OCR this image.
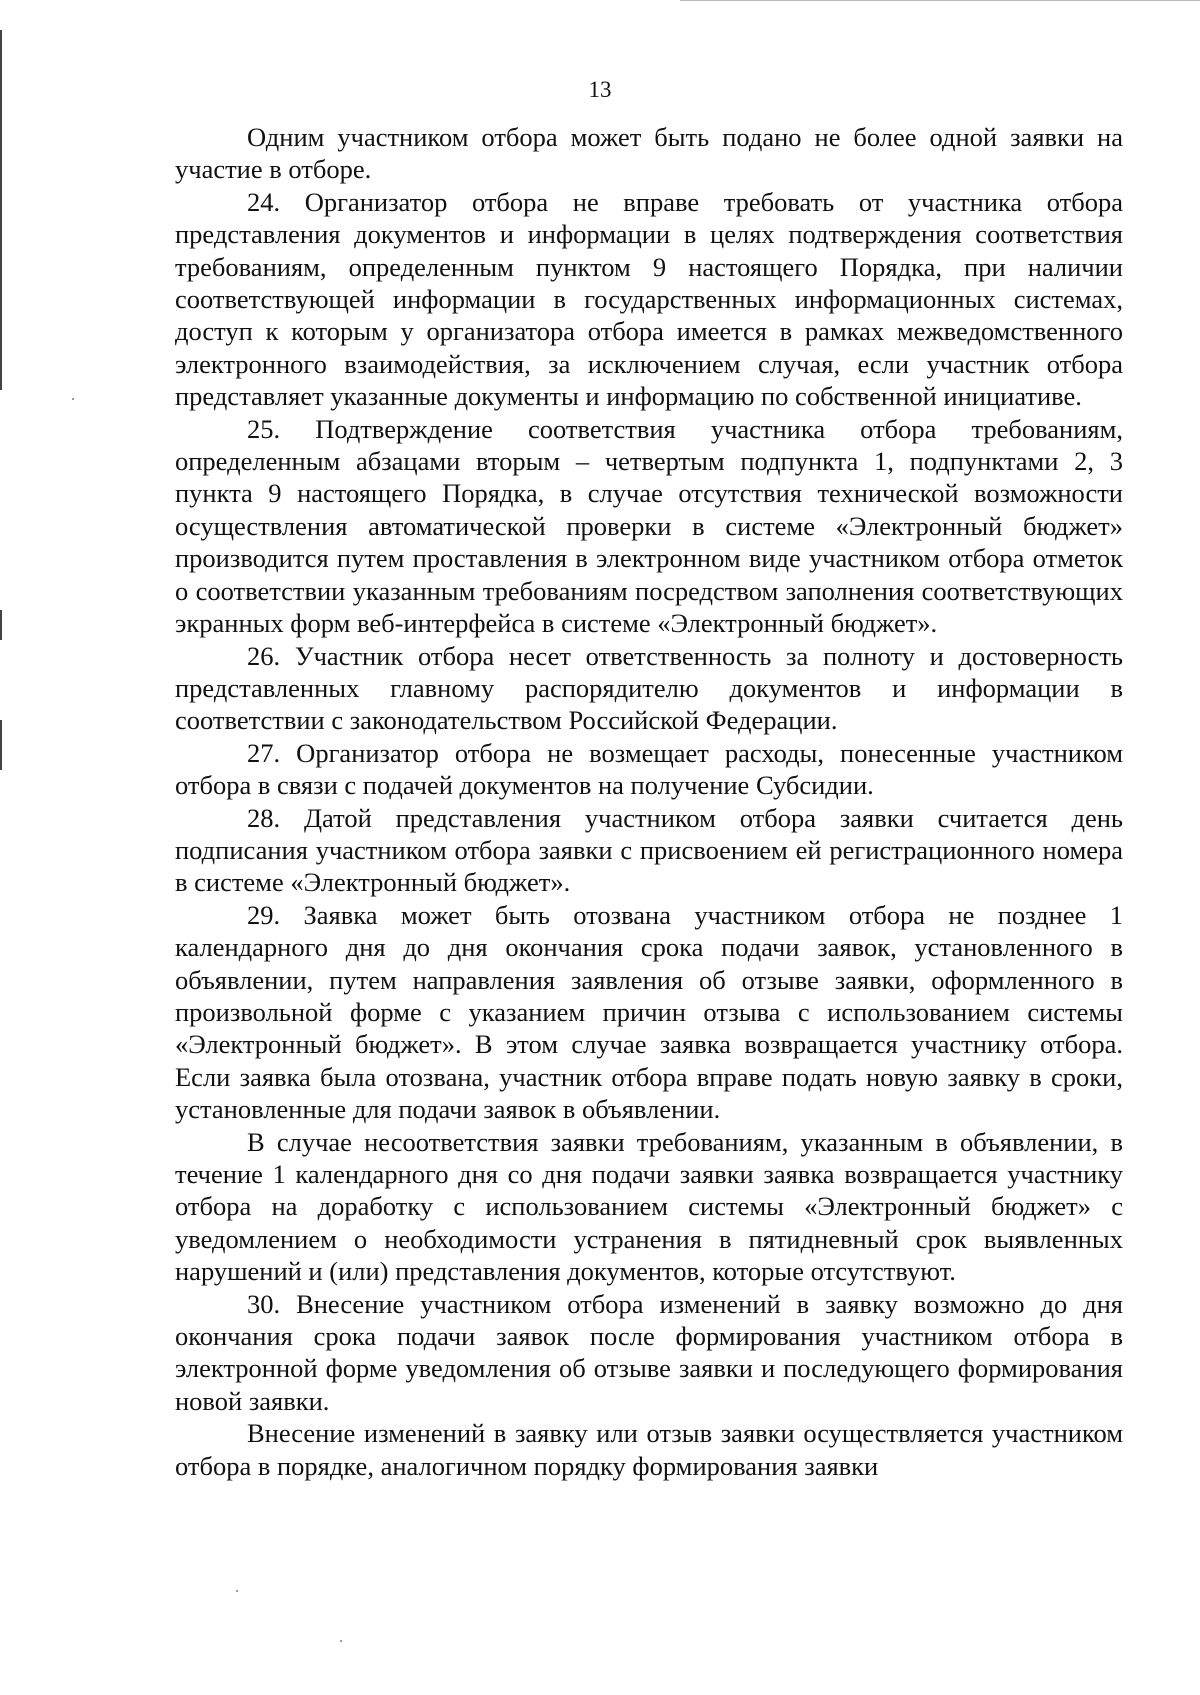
13

Одним участником отбора может быть подано не более одной заявки на участие в отборе.

24. Организатор отбора не вправе требовать от участника отбора представления документов и информации в целях подтверждения соответствия требованиям, определенным пунктом 9 настоящего Порядка, при наличии соответствующей информации в государственных информационных системах, доступ к которым у организатора отбора имеется в рамках межведомственного электронного взаимодействия, за исключением случая, если участник отбора представляет указанные документы и информацию по собственной инициативе.

25. Подтверждение соответствия участника отбора требованиям, определенным абзацами вторым – четвертым подпункта 1, подпунктами 2, 3 пункта 9 настоящего Порядка, в случае отсутствия технической возможности осуществления автоматической проверки в системе «Электронный бюджет» производится путем проставления в электронном виде участником отбора отметок о соответствии указанным требованиям посредством заполнения соответствующих экранных форм веб-интерфейса в системе «Электронный бюджет».

26. Участник отбора несет ответственность за полноту и достоверность представленных главному распорядителю документов и информации в соответствии с законодательством Российской Федерации.

27. Организатор отбора не возмещает расходы, понесенные участником отбора в связи с подачей документов на получение Субсидии.

28. Датой представления участником отбора заявки считается день подписания участником отбора заявки с присвоением ей регистрационного номера в системе «Электронный бюджет».

29. Заявка может быть отозвана участником отбора не позднее 1 календарного дня до дня окончания срока подачи заявок, установленного в объявлении, путем направления заявления об отзыве заявки, оформленного в произвольной форме с указанием причин отзыва с использованием системы «Электронный бюджет». В этом случае заявка возвращается участнику отбора. Если заявка была отозвана, участник отбора вправе подать новую заявку в сроки, установленные для подачи заявок в объявлении.

В случае несоответствия заявки требованиям, указанным в объявлении, в течение 1 календарного дня со дня подачи заявки заявка возвращается участнику отбора на доработку с использованием системы «Электронный бюджет» с уведомлением о необходимости устранения в пятидневный срок выявленных нарушений и (или) представления документов, которые отсутствуют.

30. Внесение участником отбора изменений в заявку возможно до дня окончания срока подачи заявок после формирования участником отбора в электронной форме уведомления об отзыве заявки и последующего формирования новой заявки.

Внесение изменений в заявку или отзыв заявки осуществляется участником отбора в порядке, аналогичном порядку формирования заявки
